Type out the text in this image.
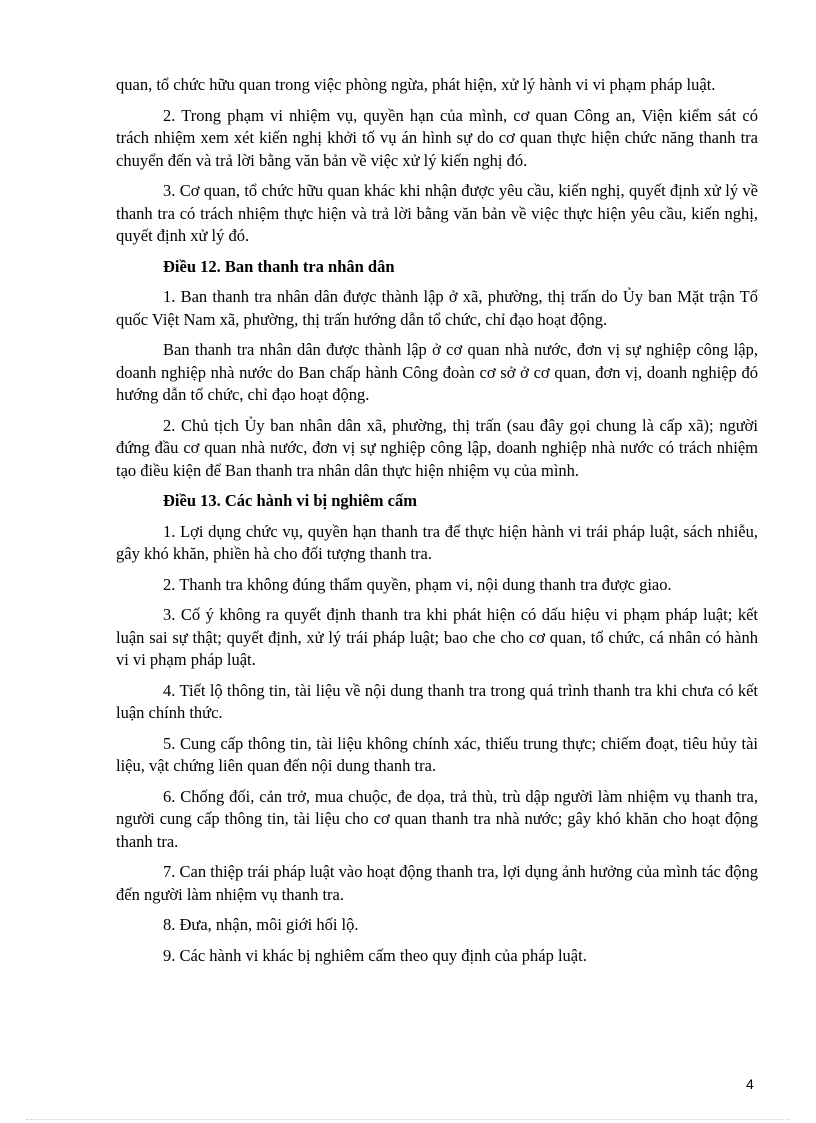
quan, tổ chức hữu quan trong việc phòng ngừa, phát hiện, xử lý hành vi vi phạm pháp luật.

2. Trong phạm vi nhiệm vụ, quyền hạn của mình, cơ quan Công an, Viện kiểm sát có trách nhiệm xem xét kiến nghị khởi tố vụ án hình sự do cơ quan thực hiện chức năng thanh tra chuyển đến và trả lời bằng văn bản về việc xử lý kiến nghị đó.

3. Cơ quan, tổ chức hữu quan khác khi nhận được yêu cầu, kiến nghị, quyết định xử lý về thanh tra có trách nhiệm thực hiện và trả lời bằng văn bản về việc thực hiện yêu cầu, kiến nghị, quyết định xử lý đó.

Điều 12. Ban thanh tra nhân dân

1. Ban thanh tra nhân dân được thành lập ở xã, phường, thị trấn do Ủy ban Mặt trận Tổ quốc Việt Nam xã, phường, thị trấn hướng dẫn tổ chức, chỉ đạo hoạt động.

Ban thanh tra nhân dân được thành lập ở cơ quan nhà nước, đơn vị sự nghiệp công lập, doanh nghiệp nhà nước do Ban chấp hành Công đoàn cơ sở ở cơ quan, đơn vị, doanh nghiệp đó hướng dẫn tổ chức, chỉ đạo hoạt động.

2. Chủ tịch Ủy ban nhân dân xã, phường, thị trấn (sau đây gọi chung là cấp xã); người đứng đầu cơ quan nhà nước, đơn vị sự nghiệp công lập, doanh nghiệp nhà nước có trách nhiệm tạo điều kiện để Ban thanh tra nhân dân thực hiện nhiệm vụ của mình.

Điều 13. Các hành vi bị nghiêm cấm

1. Lợi dụng chức vụ, quyền hạn thanh tra để thực hiện hành vi trái pháp luật, sách nhiễu, gây khó khăn, phiền hà cho đối tượng thanh tra.

2. Thanh tra không đúng thẩm quyền, phạm vi, nội dung thanh tra được giao.

3. Cố ý không ra quyết định thanh tra khi phát hiện có dấu hiệu vi phạm pháp luật; kết luận sai sự thật; quyết định, xử lý trái pháp luật; bao che cho cơ quan, tổ chức, cá nhân có hành vi vi phạm pháp luật.

4. Tiết lộ thông tin, tài liệu về nội dung thanh tra trong quá trình thanh tra khi chưa có kết luận chính thức.

5. Cung cấp thông tin, tài liệu không chính xác, thiếu trung thực; chiếm đoạt, tiêu hủy tài liệu, vật chứng liên quan đến nội dung thanh tra.

6. Chống đối, cản trở, mua chuộc, đe dọa, trả thù, trù dập người làm nhiệm vụ thanh tra, người cung cấp thông tin, tài liệu cho cơ quan thanh tra nhà nước; gây khó khăn cho hoạt động thanh tra.

7. Can thiệp trái pháp luật vào hoạt động thanh tra, lợi dụng ảnh hưởng của mình tác động đến người làm nhiệm vụ thanh tra.

8. Đưa, nhận, môi giới hối lộ.

9. Các hành vi khác bị nghiêm cấm theo quy định của pháp luật.

4
